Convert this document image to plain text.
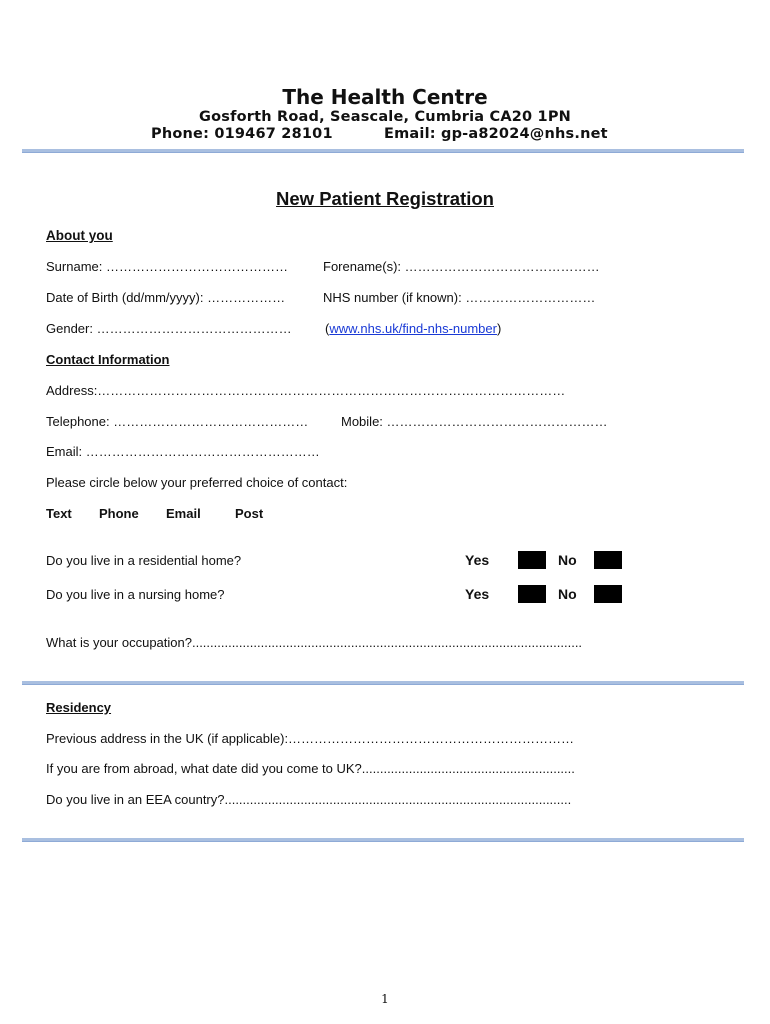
The Health Centre
Gosforth Road, Seascale, Cumbria CA20 1PN
Phone: 019467 28101	Email: gp-a82024@nhs.net
New Patient Registration
About you
Surname: ……………………………………	Forename(s): ………………………………………
Date of Birth (dd/mm/yyyy): ………………	NHS number (if known): …………………………
Gender: ………………………………………	(www.nhs.uk/find-nhs-number)
Contact Information
Address:………………………………………………………………………………………………
Telephone: ………………………………………	Mobile: ……………………………………………
Email: ………………………………………………
Please circle below your preferred choice of contact:
Text Phone Email	Post
Do you live in a residential home?	Yes	No
Do you live in a nursing home?	Yes	No
What is your occupation?............................................................................................................
Residency
Previous address in the UK (if applicable):…………………………………………………………
If you are from abroad, what date did you come to UK?...........................................................
Do you live in an EEA country?................................................................................................
1
